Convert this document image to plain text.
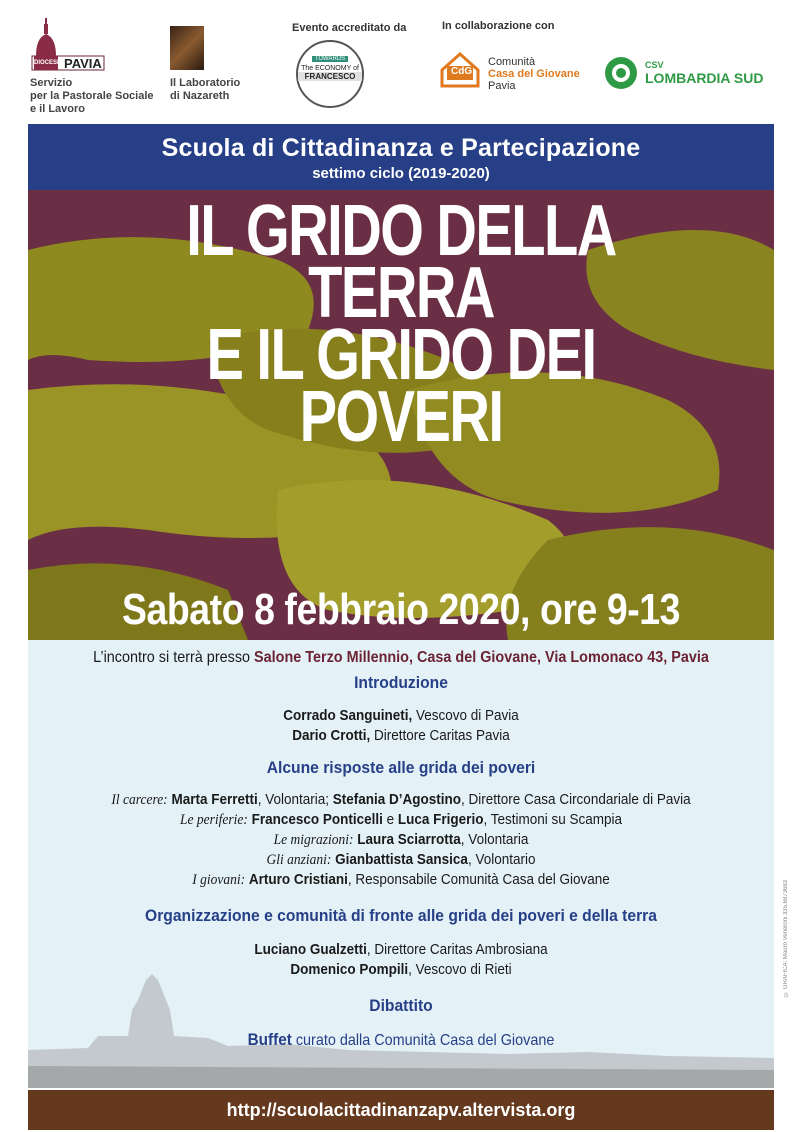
DIOCESI PAVIA
Servizio
per la Pastorale Sociale
e il Lavoro
Il Laboratorio
di Nazareth
Evento accreditato da
TOWARDS
The ECONOMY of
FRANCESCO
In collaborazione con
CdG
Comunità
Casa del Giovane
Pavia
CSV
LOMBARDIA SUD
Scuola di Cittadinanza e Partecipazione
settimo ciclo (2019-2020)
IL GRIDO DELLA TERRA
E IL GRIDO DEI POVERI
Sabato 8 febbraio 2020, ore 9-13
L’incontro si terrà presso Salone Terzo Millennio, Casa del Giovane, Via Lomonaco 43, Pavia
Introduzione
Corrado Sanguineti, Vescovo di Pavia
Dario Crotti, Direttore Caritas Pavia
Alcune risposte alle grida dei poveri
Il carcere: Marta Ferretti, Volontaria; Stefania D’Agostino, Direttore Casa Circondariale di Pavia
Le periferie: Francesco Ponticelli e Luca Frigerio, Testimoni su Scampia
Le migrazioni: Laura Sciarrotta, Volontaria
Gli anziani: Gianbattista Sansica, Volontario
I giovani: Arturo Cristiani, Responsabile Comunità Casa del Giovane
Organizzazione e comunità di fronte alle grida dei poveri e della terra
Luciano Gualzetti, Direttore Caritas Ambrosiana
Domenico Pompili, Vescovo di Rieti
Dibattito
Buffet curato dalla Comunità Casa del Giovane
http://scuolacittadinanzapv.altervista.org
© GRAFICA: Mauro Veneroni 335.6873683
